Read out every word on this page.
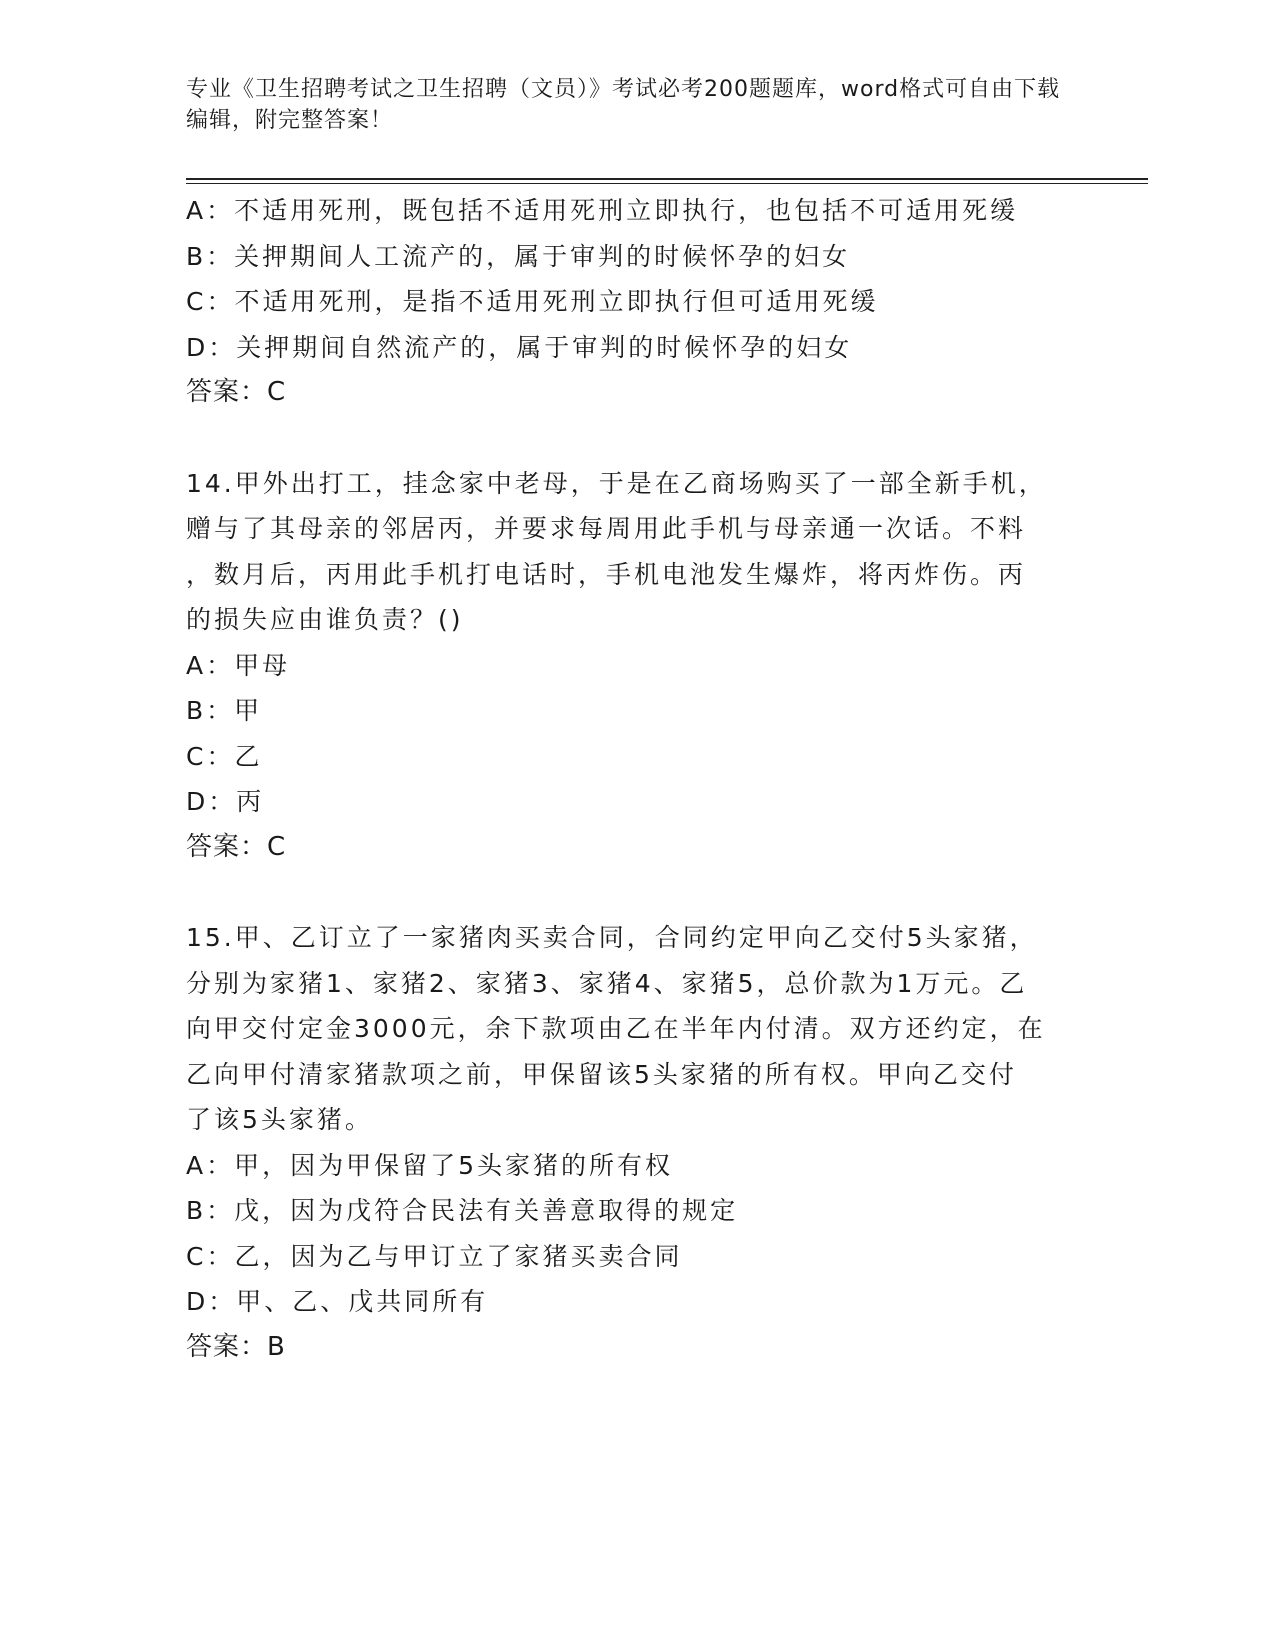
专业《卫生招聘考试之卫生招聘（文员）》考试必考200题题库，word格式可自由下载编辑，附完整答案！
A：不适用死刑，既包括不适用死刑立即执行，也包括不可适用死缓
B：关押期间人工流产的，属于审判的时候怀孕的妇女
C：不适用死刑，是指不适用死刑立即执行但可适用死缓
D：关押期间自然流产的，属于审判的时候怀孕的妇女
答案：C
14.甲外出打工，挂念家中老母，于是在乙商场购买了一部全新手机，
赠与了其母亲的邻居丙，并要求每周用此手机与母亲通一次话。不料
，数月后，丙用此手机打电话时，手机电池发生爆炸，将丙炸伤。丙
的损失应由谁负责？()
A：甲母
B：甲
C：乙
D：丙
答案：C
15.甲、乙订立了一家猪肉买卖合同，合同约定甲向乙交付5头家猪，
分别为家猪1、家猪2、家猪3、家猪4、家猪5，总价款为1万元。乙
向甲交付定金3000元，余下款项由乙在半年内付清。双方还约定，在
乙向甲付清家猪款项之前，甲保留该5头家猪的所有权。甲向乙交付
了该5头家猪。
A：甲，因为甲保留了5头家猪的所有权
B：戊，因为戊符合民法有关善意取得的规定
C：乙，因为乙与甲订立了家猪买卖合同
D：甲、乙、戊共同所有
答案：B
